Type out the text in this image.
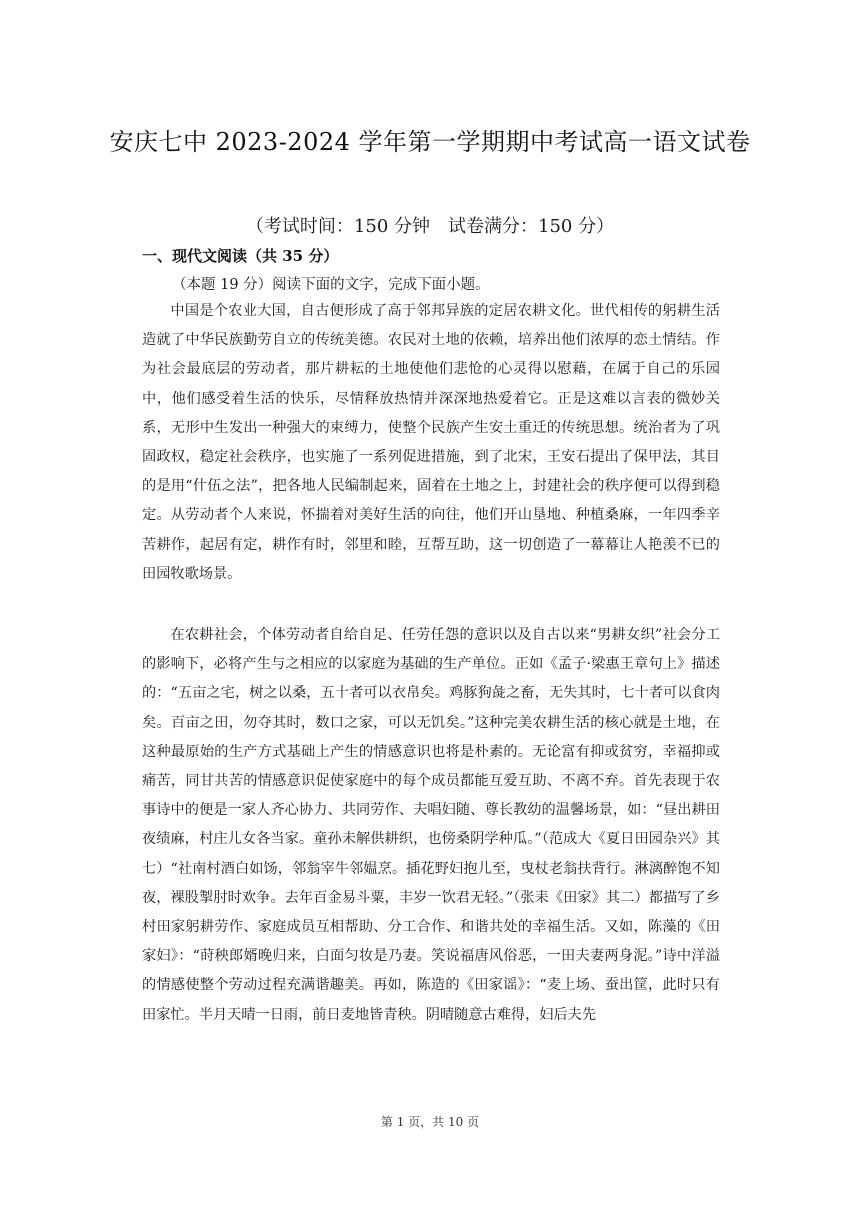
安庆七中 2023-2024 学年第一学期期中考试高一语文试卷
（考试时间：150 分钟 试卷满分：150 分）
一、现代文阅读（共 35 分）
（本题 19 分）阅读下面的文字，完成下面小题。
中国是个农业大国，自古便形成了高于邻邦异族的定居农耕文化。世代相传的躬耕生活造就了中华民族勤劳自立的传统美德。农民对土地的依赖，培养出他们浓厚的恋土情结。作为社会最底层的劳动者，那片耕耘的土地使他们悲怆的心灵得以慰藉，在属于自己的乐园中，他们感受着生活的快乐，尽情释放热情并深深地热爱着它。正是这难以言表的微妙关系，无形中生发出一种强大的束缚力，使整个民族产生安土重迁的传统思想。统治者为了巩固政权，稳定社会秩序，也实施了一系列促进措施，到了北宋，王安石提出了保甲法，其目的是用“什伍之法”，把各地人民编制起来，固着在土地之上，封建社会的秩序便可以得到稳定。从劳动者个人来说，怀揣着对美好生活的向往，他们开山垦地、种植桑麻，一年四季辛苦耕作，起居有定，耕作有时，邻里和睦，互帮互助，这一切创造了一幕幕让人艳羡不已的田园牧歌场景。
在农耕社会，个体劳动者自给自足、任劳任怨的意识以及自古以来“男耕女织”社会分工的影响下，必将产生与之相应的以家庭为基础的生产单位。正如《孟子·梁惠王章句上》描述的：“五亩之宅，树之以桑，五十者可以衣帛矣。鸡豚狗彘之畜，无失其时，七十者可以食肉矣。百亩之田，勿夺其时，数口之家，可以无饥矣。”这种完美农耕生活的核心就是土地，在这种最原始的生产方式基础上产生的情感意识也将是朴素的。无论富有抑或贫穷，幸福抑或痛苦，同甘共苦的情感意识促使家庭中的每个成员都能互爱互助、不离不弃。首先表现于农事诗中的便是一家人齐心协力、共同劳作、夫唱妇随、尊长教幼的温馨场景，如：“昼出耕田夜绩麻，村庄儿女各当家。童孙未解供耕织，也傍桑阴学种瓜。”（范成大《夏日田园杂兴》其七）“社南村酒白如饧，邻翁宰牛邻媪烹。插花野妇抱儿至，曳杖老翁扶背行。淋漓醉饱不知夜，裸股掣肘时欢争。去年百金易斗粟，丰岁一饮君无轻。”（张耒《田家》其二）都描写了乡村田家躬耕劳作、家庭成员互相帮助、分工合作、和谐共处的幸福生活。又如，陈藻的《田家妇》：“莳秧郎婿晚归来，白面匀妆是乃妻。笑说福唐风俗恶，一田夫妻两身泥。”诗中洋溢的情感使整个劳动过程充满谐趣美。再如，陈造的《田家谣》：“麦上场、蚕出筐，此时只有田家忙。半月天晴一日雨，前日麦地皆青秧。阴晴随意古难得，妇后夫先
第 1 页，共 10 页
